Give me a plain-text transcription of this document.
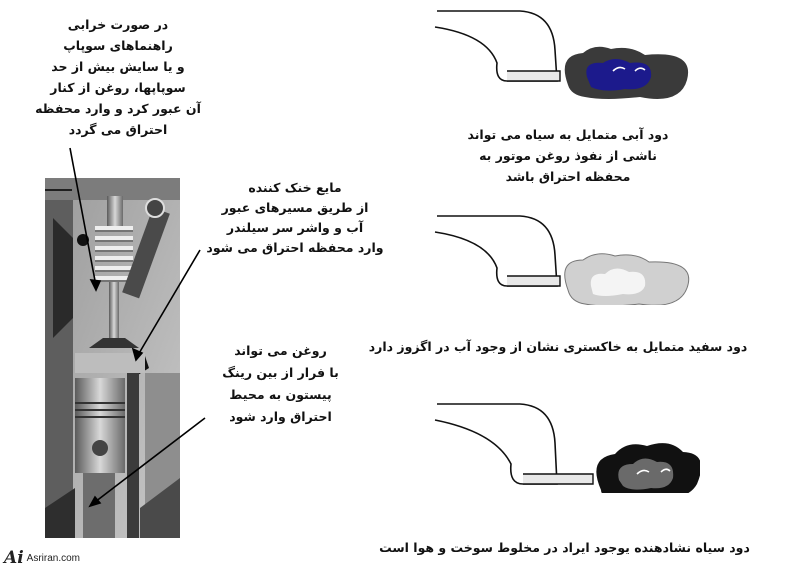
در صورت خرابی
راهنماهای سوپاپ
و یا سایش بیش از حد
سوپاپها، روغن از کنار
آن عبور کرد و وارد محفظه
احتراق می گردد
مایع خنک کننده
از طریق مسیرهای عبور
آب و واشر سر سیلندر
وارد محفظه احتراق می شود
روغن می تواند
با فرار از بین رینگ
پیستون به محیط
احتراق وارد شود
دود آبی متمایل به سیاه می تواند
ناشی از نفوذ روغن موتور به
محفظه احتراق باشد
دود سفید متمایل به خاکستری نشان از وجود آب در اگزوز دارد
دود سیاه نشادهنده یوجود ایراد در مخلوط سوخت و هوا است
Ai Asriran.com
